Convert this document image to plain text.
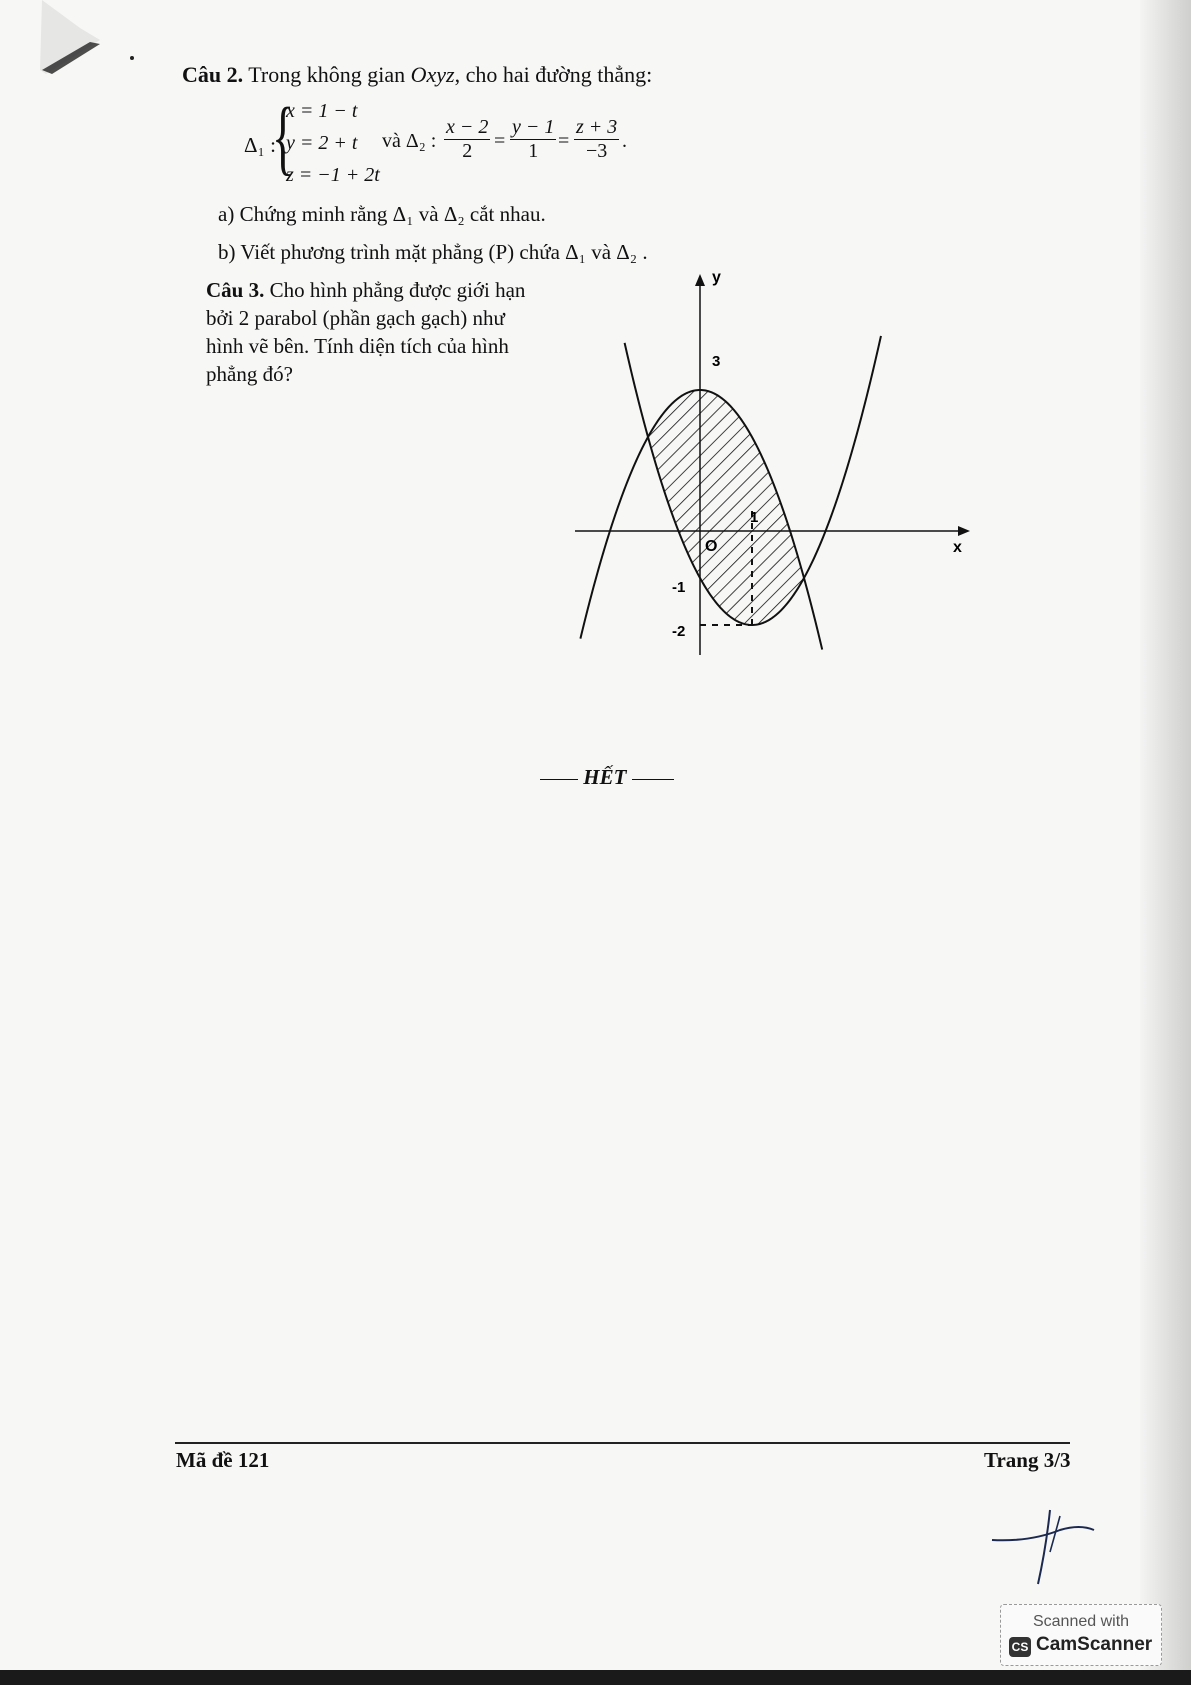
Câu 2. Trong không gian Oxyz, cho hai đường thẳng:
Δ₁ :
{
x = 1 − t
y = 2 + t
z = −1 + 2t
và Δ₂ : $\frac{x - 2}{2} = \frac{y - 1}{1} = \frac{z + 3}{-3}$ .
a) Chứng minh rằng Δ₁ và Δ₂ cắt nhau.
b) Viết phương trình mặt phẳng (P) chứa Δ₁ và Δ₂ .
Câu 3. Cho hình phẳng được giới hạn bởi 2 parabol (phần gạch gạch) như hình vẽ bên. Tính diện tích của hình phẳng đó?
y
x
O
3
1
-1
-2
HẾT
Mã đề 121	Trang 3/3
Scanned with
CS CamScanner
